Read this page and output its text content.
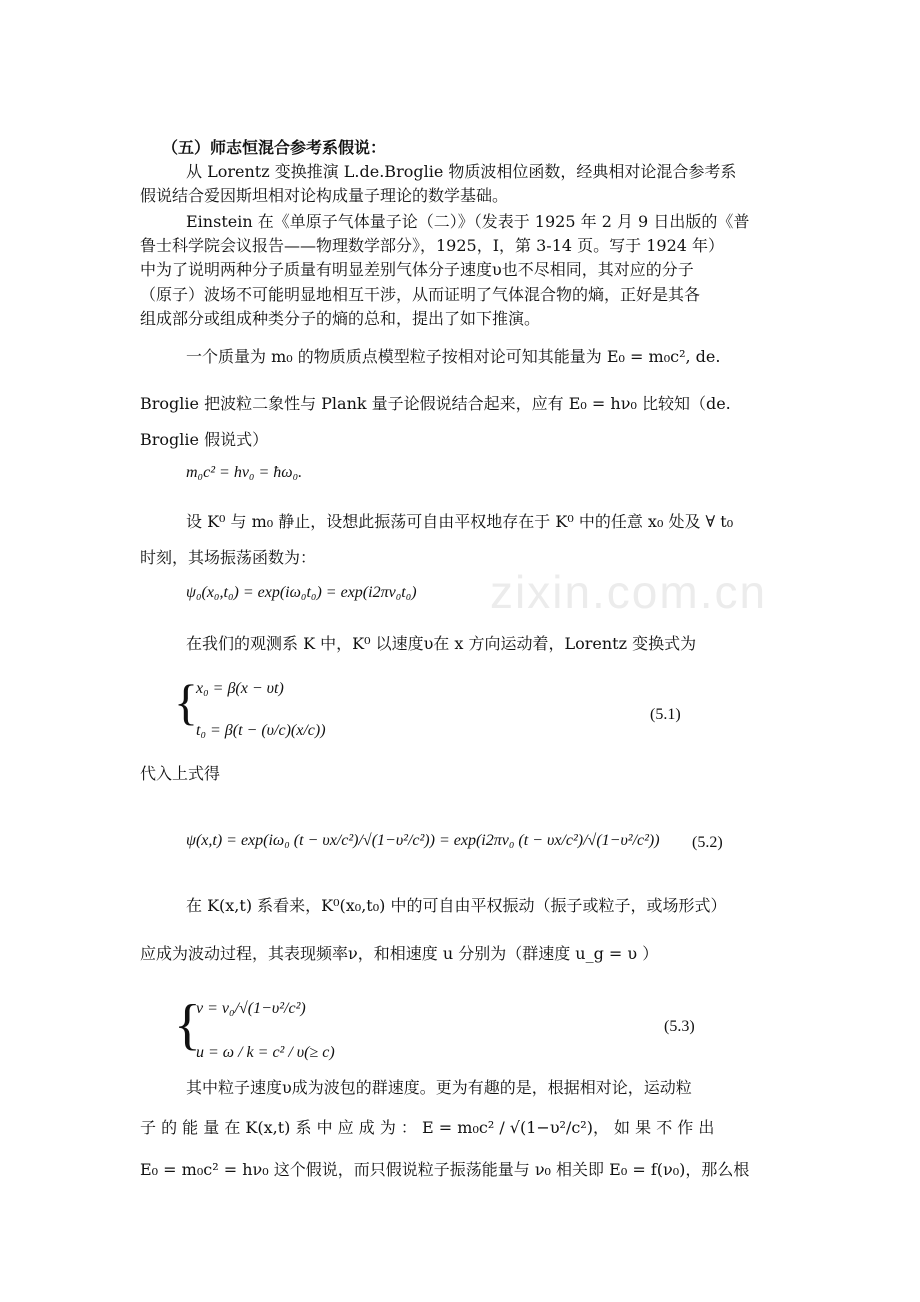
zixin.com.cn
（五）师志恒混合参考系假说：
从 Lorentz 变换推演 L.de.Broglie 物质波相位函数，经典相对论混合参考系
假说结合爱因斯坦相对论构成量子理论的数学基础。
Einstein 在《单原子气体量子论（二）》（发表于 1925 年 2 月 9 日出版的《普
鲁士科学院会议报告——物理数学部分》，1925，Ⅰ，第 3-14 页。写于 1924 年）
中为了说明两种分子质量有明显差别气体分子速度υ也不尽相同，其对应的分子
（原子）波场不可能明显地相互干涉，从而证明了气体混合物的熵，正好是其各
组成部分或组成种类分子的熵的总和，提出了如下推演。
一个质量为 m₀ 的物质质点模型粒子按相对论可知其能量为 E₀ = m₀c², de.
Broglie 把波粒二象性与 Plank 量子论假说结合起来，应有 E₀ = hν₀ 比较知（de.
Broglie 假说式）
m₀c² = hν₀ = ħω₀.
设 K⁰ 与 m₀ 静止，设想此振荡可自由平权地存在于 K⁰ 中的任意 x₀ 处及 ∀ t₀
时刻，其场振荡函数为：
ψ₀(x₀,t₀) = exp(iω₀t₀) = exp(i2πν₀t₀)
在我们的观测系 K 中，K⁰ 以速度υ在 x 方向运动着，Lorentz 变换式为
{
x₀ = β(x − υt)
t₀ = β(t − (υ/c)(x/c))
(5.1)
代入上式得
ψ(x,t) = exp(iω₀ (t − υx/c²)/√(1−υ²/c²)) = exp(i2πν₀ (t − υx/c²)/√(1−υ²/c²)) (5.2)
在 K(x,t) 系看来，K⁰(x₀,t₀) 中的可自由平权振动（振子或粒子，或场形式）
应成为波动过程，其表现频率ν，和相速度 u 分别为（群速度 u_g = υ ）
{
ν = ν₀/√(1−υ²/c²)
u = ω / k = c² / υ(≥ c)
(5.3)
其中粒子速度υ成为波包的群速度。更为有趣的是，根据相对论，运动粒
子 的 能 量 在 K(x,t) 系 中 应 成 为 ： E = m₀c² / √(1−υ²/c²)， 如 果 不 作 出
E₀ = m₀c² = hν₀ 这个假说，而只假说粒子振荡能量与 ν₀ 相关即 E₀ = f(ν₀)，那么根
